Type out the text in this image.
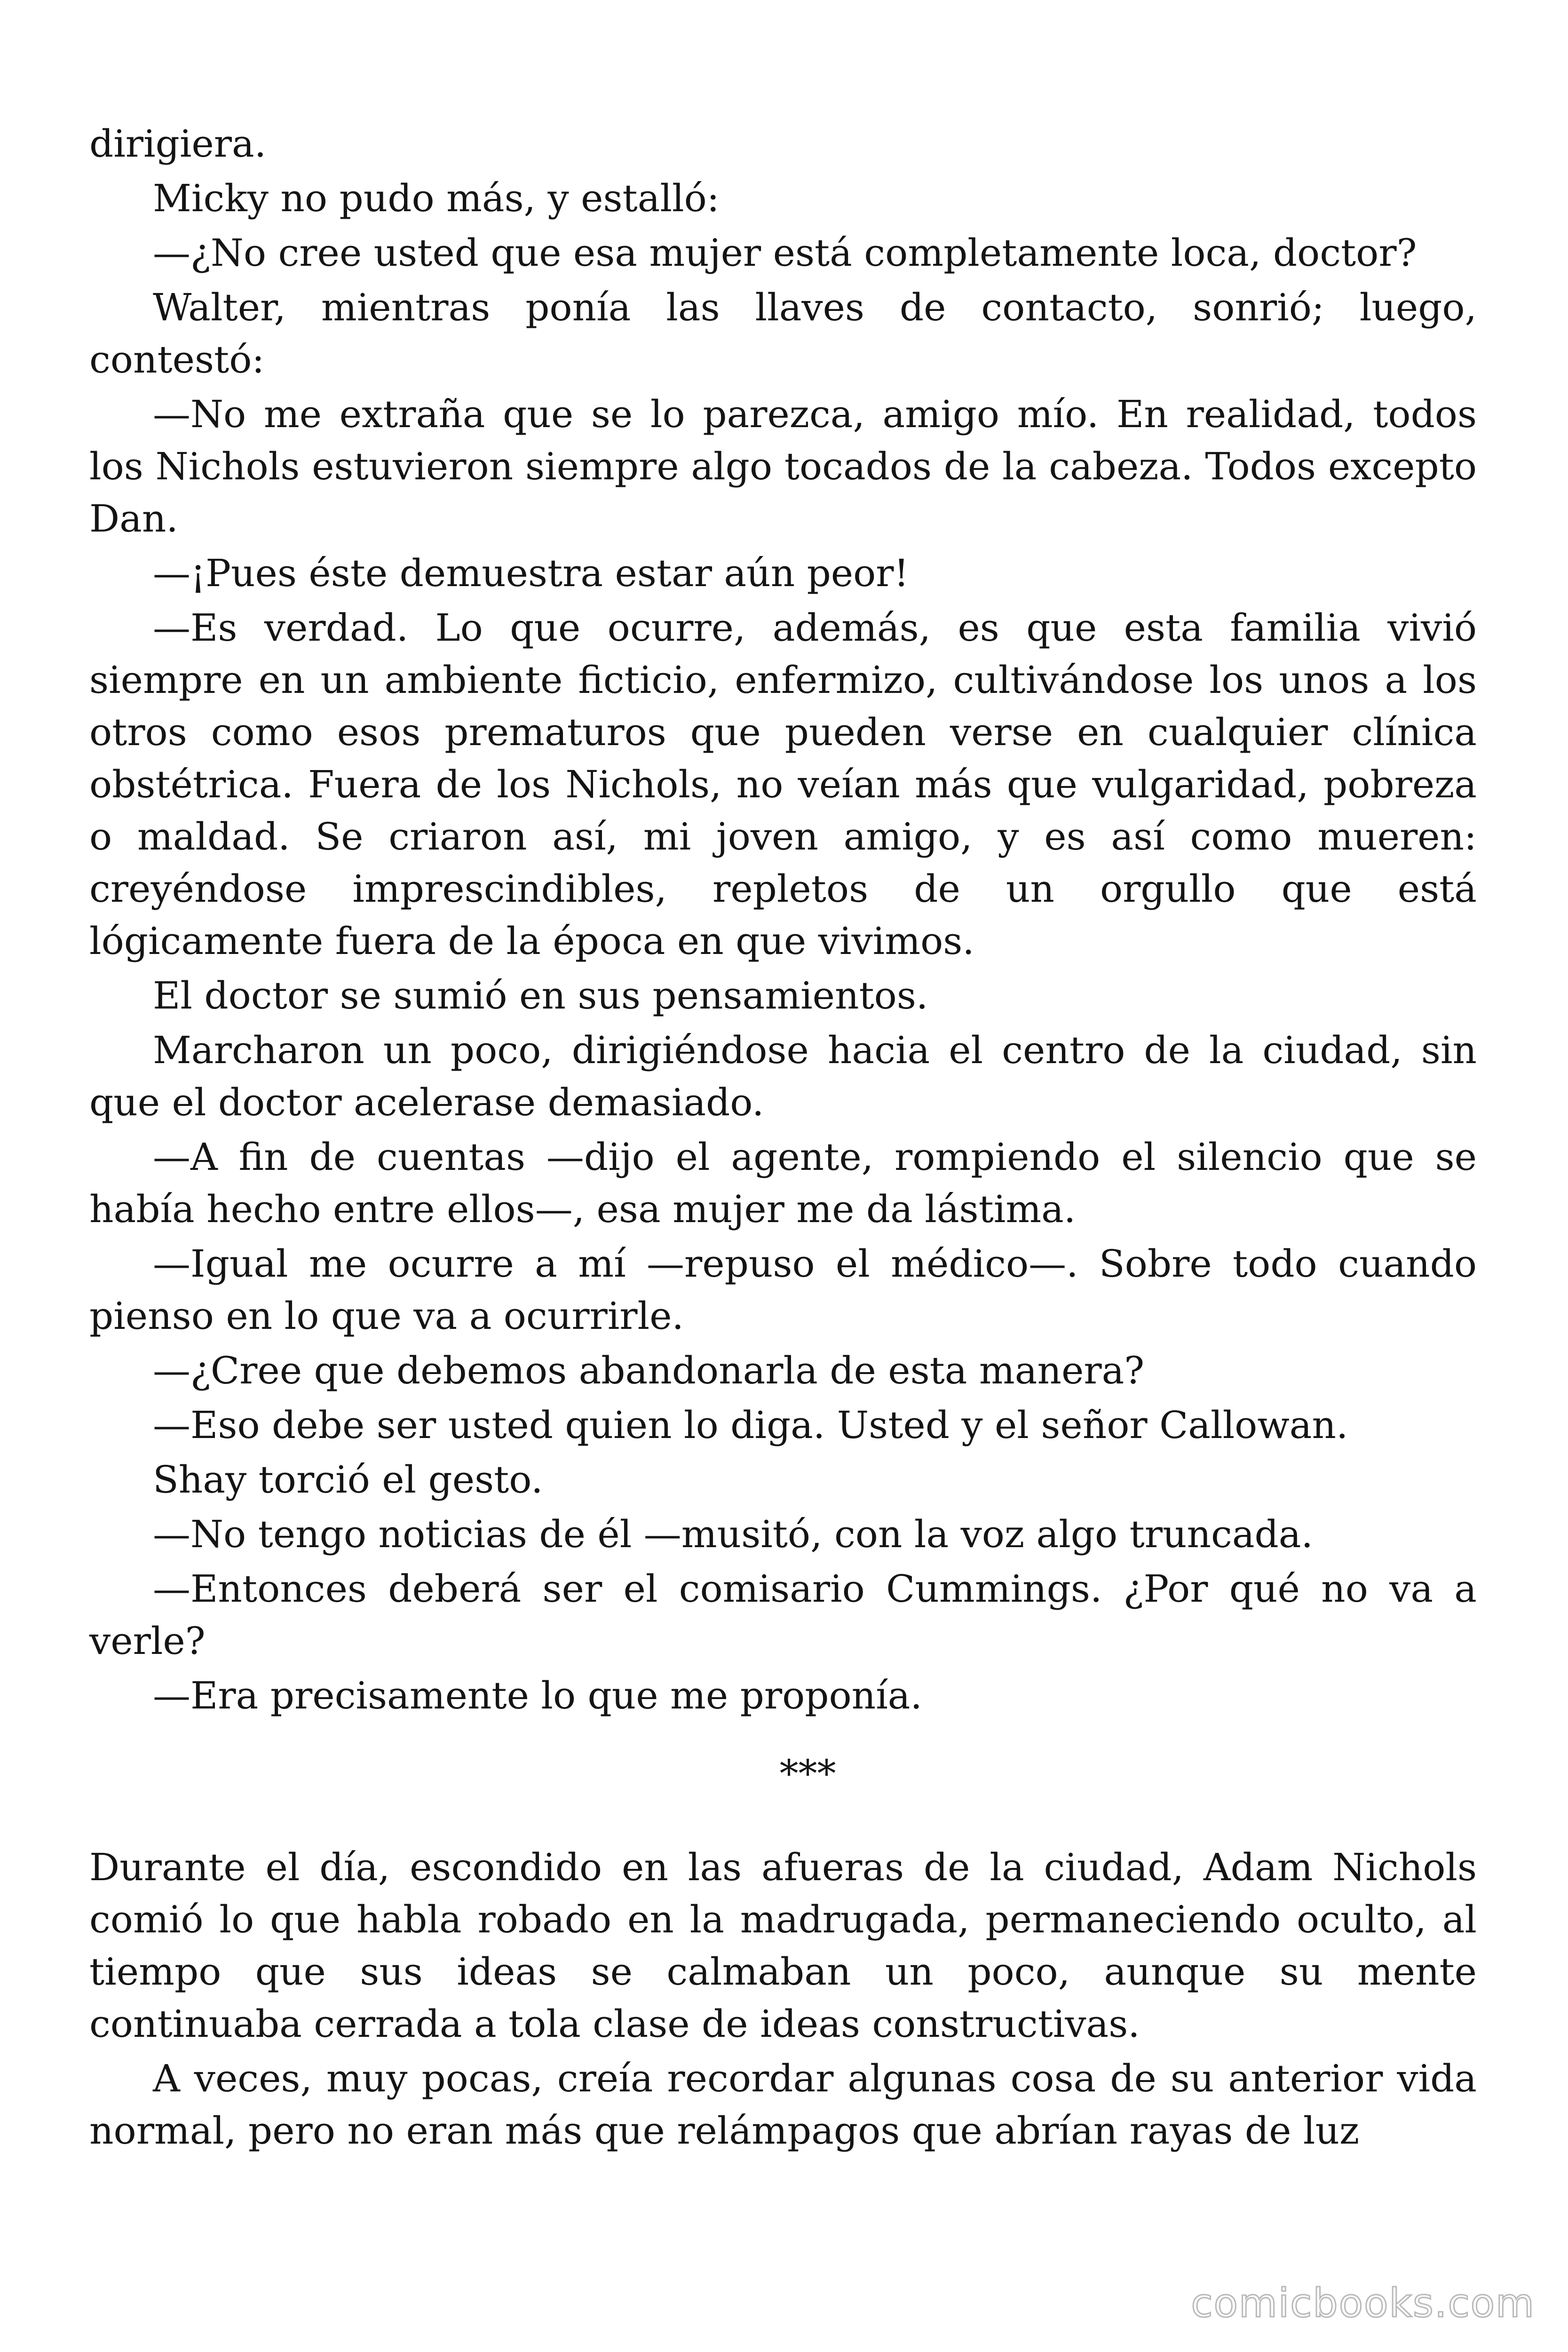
dirigiera.

Micky no pudo más, y estalló:

—¿No cree usted que esa mujer está completamente loca, doctor?

Walter, mientras ponía las llaves de contacto, sonrió; luego, contestó:

—No me extraña que se lo parezca, amigo mío. En realidad, todos los Nichols estuvieron siempre algo tocados de la cabeza. Todos excepto Dan.

—¡Pues éste demuestra estar aún peor!

—Es verdad. Lo que ocurre, además, es que esta familia vivió siempre en un ambiente ficticio, enfermizo, cultivándose los unos a los otros como esos prematuros que pueden verse en cualquier clínica obstétrica. Fuera de los Nichols, no veían más que vulgaridad, pobreza o maldad. Se criaron así, mi joven amigo, y es así como mueren: creyéndose imprescindibles, repletos de un orgullo que está lógicamente fuera de la época en que vivimos.

El doctor se sumió en sus pensamientos.

Marcharon un poco, dirigiéndose hacia el centro de la ciudad, sin que el doctor acelerase demasiado.

—A fin de cuentas —dijo el agente, rompiendo el silencio que se había hecho entre ellos—, esa mujer me da lástima.

—Igual me ocurre a mí —repuso el médico—. Sobre todo cuando pienso en lo que va a ocurrirle.

—¿Cree que debemos abandonarla de esta manera?

—Eso debe ser usted quien lo diga. Usted y el señor Callowan.

Shay torció el gesto.

—No tengo noticias de él —musitó, con la voz algo truncada.

—Entonces deberá ser el comisario Cummings. ¿Por qué no va a verle?

—Era precisamente lo que me proponía.

***

Durante el día, escondido en las afueras de la ciudad, Adam Nichols comió lo que habla robado en la madrugada, permaneciendo oculto, al tiempo que sus ideas se calmaban un poco, aunque su mente continuaba cerrada a tola clase de ideas constructivas.

A veces, muy pocas, creía recordar algunas cosa de su anterior vida normal, pero no eran más que relámpagos que abrían rayas de luz

comicbooks.com
